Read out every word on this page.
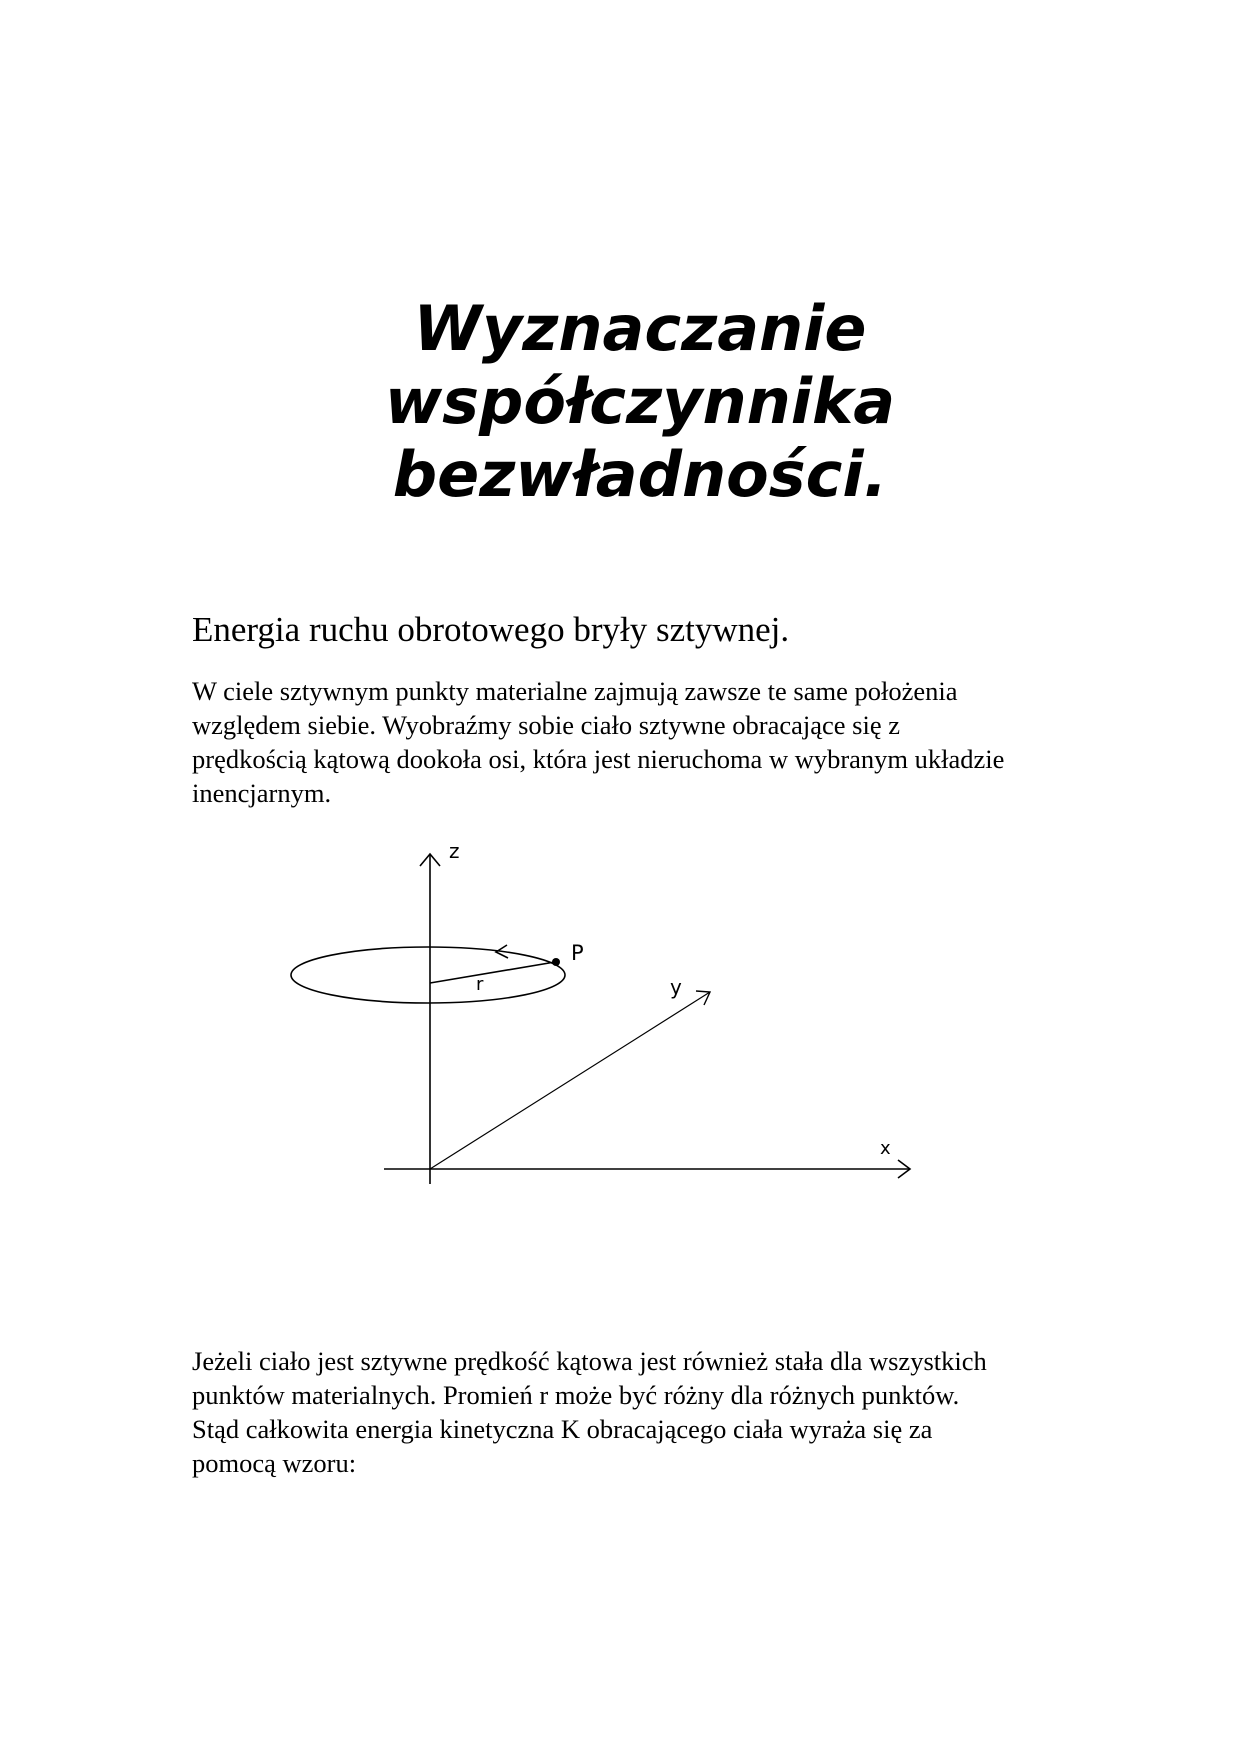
Wyznaczanie
współczynnika
bezwładności.
Energia ruchu obrotowego bryły sztywnej.

W ciele sztywnym punkty materialne zajmują zawsze te same położenia
względem siebie. Wyobraźmy sobie ciało sztywne obracające się z
prędkością kątową dookoła osi, która jest nieruchoma w wybranym układzie
inencjarnym.

z
x
y
r
P

Jeżeli ciało jest sztywne prędkość kątowa jest również stała dla wszystkich
punktów materialnych. Promień r może być różny dla różnych punktów.
Stąd całkowita energia kinetyczna K obracającego ciała wyraża się za
pomocą wzoru:
